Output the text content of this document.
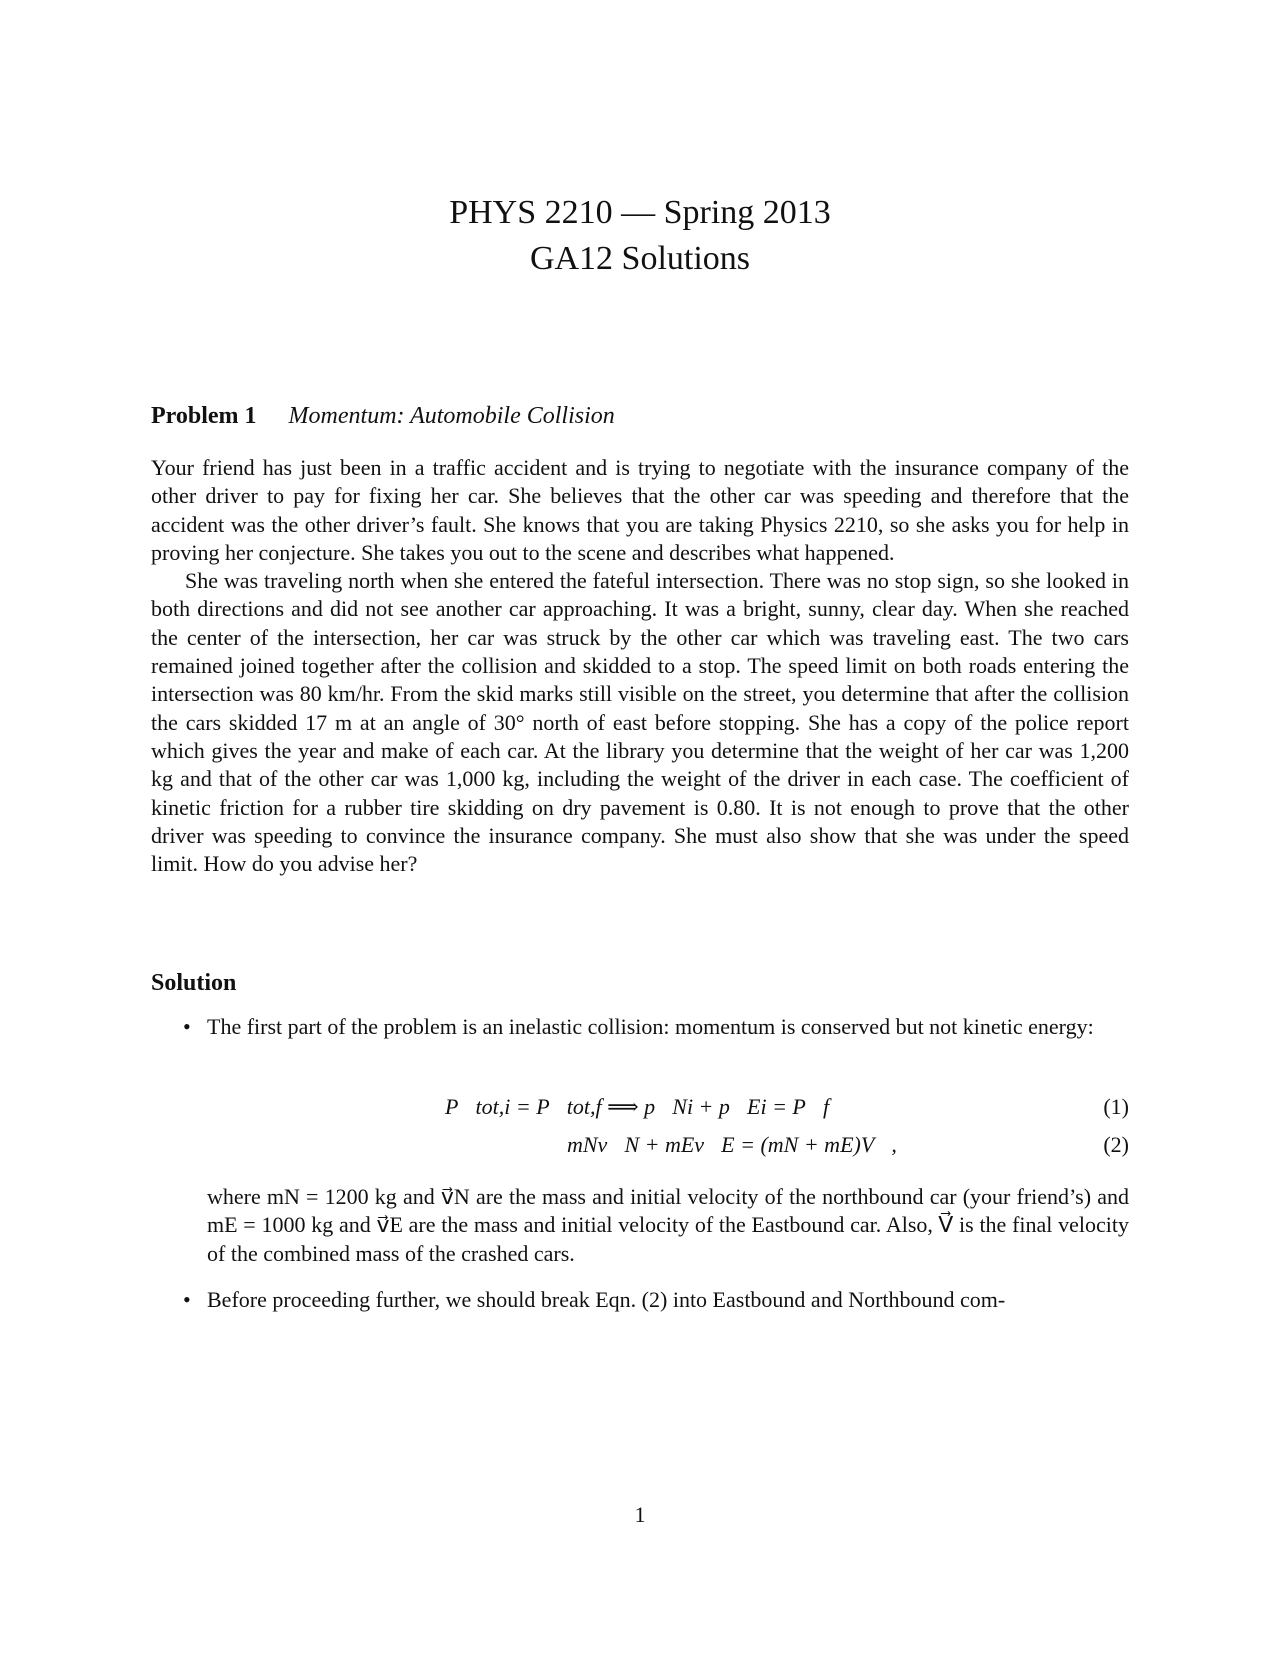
PHYS 2210 — Spring 2013
GA12 Solutions
Problem 1 Momentum: Automobile Collision

Your friend has just been in a traffic accident and is trying to negotiate with the insurance company of the other driver to pay for fixing her car. She believes that the other car was speeding and therefore that the accident was the other driver’s fault. She knows that you are taking Physics 2210, so she asks you for help in proving her conjecture. She takes you out to the scene and describes what happened.

She was traveling north when she entered the fateful intersection. There was no stop sign, so she looked in both directions and did not see another car approaching. It was a bright, sunny, clear day. When she reached the center of the intersection, her car was struck by the other car which was traveling east. The two cars remained joined together after the collision and skidded to a stop. The speed limit on both roads entering the intersection was 80 km/hr. From the skid marks still visible on the street, you determine that after the collision the cars skidded 17 m at an angle of 30° north of east before stopping. She has a copy of the police report which gives the year and make of each car. At the library you determine that the weight of her car was 1,200 kg and that of the other car was 1,000 kg, including the weight of the driver in each case. The coefficient of kinetic friction for a rubber tire skidding on dry pavement is 0.80. It is not enough to prove that the other driver was speeding to convince the insurance company. She must also show that she was under the speed limit. How do you advise her?

Solution
• The first part of the problem is an inelastic collision: momentum is conserved but not kinetic energy:
P⃗tot,i = P⃗tot,f ⟹ p⃗Ni + p⃗Ei = P⃗f	(1)
mNv⃗N + mEv⃗E = (mN + mE)V⃗,	(2)
where mN = 1200 kg and v⃗N are the mass and initial velocity of the northbound car (your friend’s) and mE = 1000 kg and v⃗E are the mass and initial velocity of the Eastbound car. Also, V⃗ is the final velocity of the combined mass of the crashed cars.
• Before proceeding further, we should break Eqn. (2) into Eastbound and Northbound com-
1
